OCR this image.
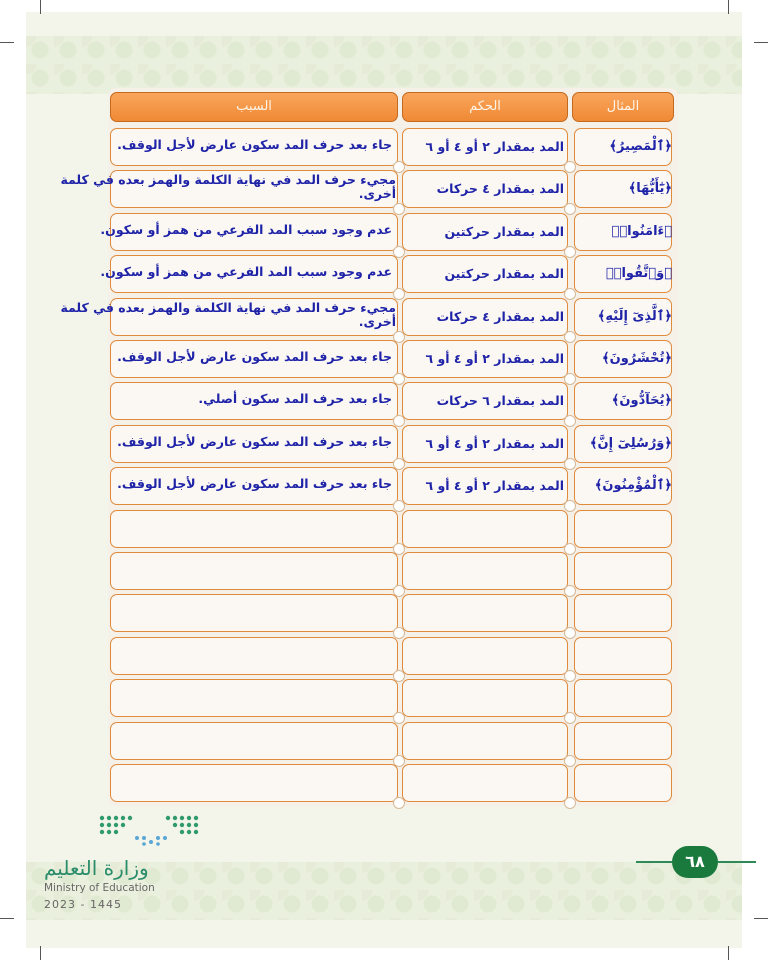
المثال
الحكم
السبب
﴿ٱلْمَصِيرُ﴾
المد بمقدار ٢ أو ٤ أو ٦
جاء بعد حرف المد سكون عارض لأجل الوقف.
﴿يَٰٓأَيُّهَا﴾
المد بمقدار ٤ حركات
مجيء حرف المد في نهاية الكلمة والهمز بعده في كلمة أخرى.
﴿ءَامَنُوا۟﴾
المد بمقدار حركتين
عدم وجود سبب المد الفرعي من همز أو سكون.
﴿وَٱتَّقُوا۟﴾
المد بمقدار حركتين
عدم وجود سبب المد الفرعي من همز أو سكون.
﴿ٱلَّذِىٓ إِلَيْهِ﴾
المد بمقدار ٤ حركات
مجيء حرف المد في نهاية الكلمة والهمز بعده في كلمة أخرى.
﴿تُحْشَرُونَ﴾
المد بمقدار ٢ أو ٤ أو ٦
جاء بعد حرف المد سكون عارض لأجل الوقف.
﴿يُحَآدُّونَ﴾
المد بمقدار ٦ حركات
جاء بعد حرف المد سكون أصلي.
﴿وَرُسُلِىٓ إِنَّ﴾
المد بمقدار ٢ أو ٤ أو ٦
جاء بعد حرف المد سكون عارض لأجل الوقف.
﴿ٱلْمُؤْمِنُونَ﴾
المد بمقدار ٢ أو ٤ أو ٦
جاء بعد حرف المد سكون عارض لأجل الوقف.
٦٨
وزارة التعليم
Ministry of Education
2023 - 1445
